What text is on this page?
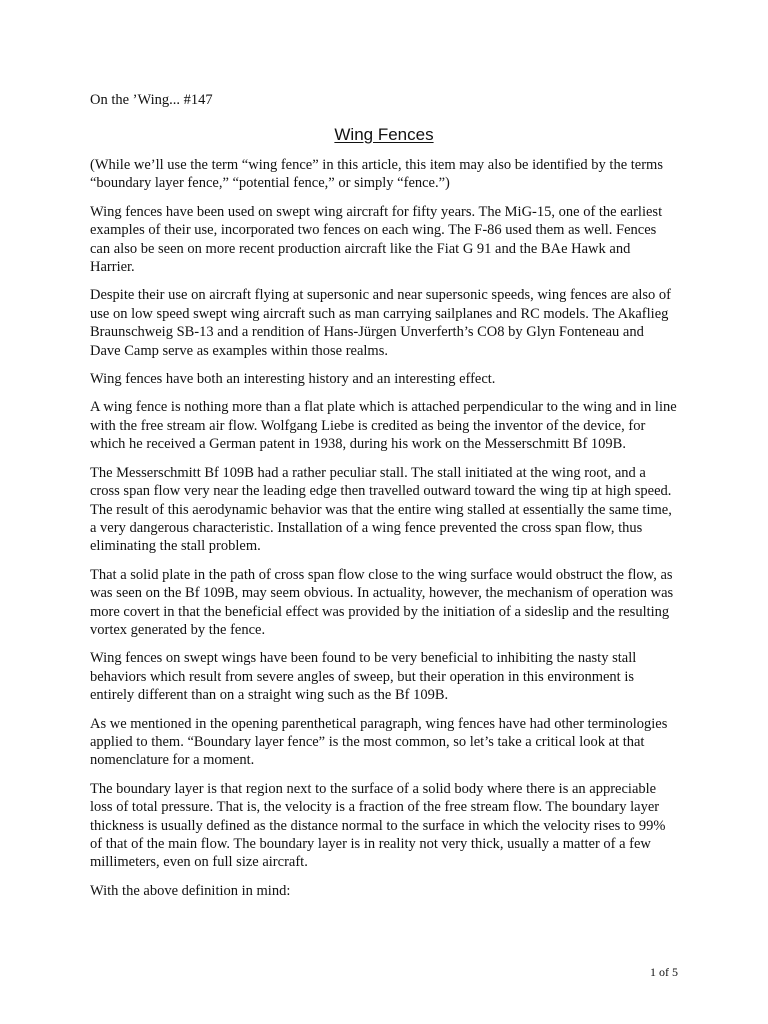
On the ’Wing... #147
Wing Fences

(While we’ll use the term “wing fence” in this article, this item may also be identified by the terms “boundary layer fence,” “potential fence,” or simply “fence.”)

Wing fences have been used on swept wing aircraft for fifty years. The MiG-15, one of the earliest examples of their use, incorporated two fences on each wing. The F-86 used them as well. Fences can also be seen on more recent production aircraft like the Fiat G 91 and the BAe Hawk and Harrier.

Despite their use on aircraft flying at supersonic and near supersonic speeds, wing fences are also of use on low speed swept wing aircraft such as man carrying sailplanes and RC models. The Akaflieg Braunschweig SB-13 and a rendition of Hans-Jürgen Unverferth’s CO8 by Glyn Fonteneau and Dave Camp serve as examples within those realms.

Wing fences have both an interesting history and an interesting effect.

A wing fence is nothing more than a flat plate which is attached perpendicular to the wing and in line with the free stream air flow. Wolfgang Liebe is credited as being the inventor of the device, for which he received a German patent in 1938, during his work on the Messerschmitt Bf 109B.

The Messerschmitt Bf 109B had a rather peculiar stall. The stall initiated at the wing root, and a cross span flow very near the leading edge then travelled outward toward the wing tip at high speed. The result of this aerodynamic behavior was that the entire wing stalled at essentially the same time, a very dangerous characteristic. Installation of a wing fence prevented the cross span flow, thus eliminating the stall problem.

That a solid plate in the path of cross span flow close to the wing surface would obstruct the flow, as was seen on the Bf 109B, may seem obvious. In actuality, however, the mechanism of operation was more covert in that the beneficial effect was provided by the initiation of a sideslip and the resulting vortex generated by the fence.

Wing fences on swept wings have been found to be very beneficial to inhibiting the nasty stall behaviors which result from severe angles of sweep, but their operation in this environment is entirely different than on a straight wing such as the Bf 109B.

As we mentioned in the opening parenthetical paragraph, wing fences have had other terminologies applied to them. “Boundary layer fence” is the most common, so let’s take a critical look at that nomenclature for a moment.

The boundary layer is that region next to the surface of a solid body where there is an appreciable loss of total pressure. That is, the velocity is a fraction of the free stream flow. The boundary layer thickness is usually defined as the distance normal to the surface in which the velocity rises to 99% of that of the main flow. The boundary layer is in reality not very thick, usually a matter of a few millimeters, even on full size aircraft.

With the above definition in mind:

1 of 5
